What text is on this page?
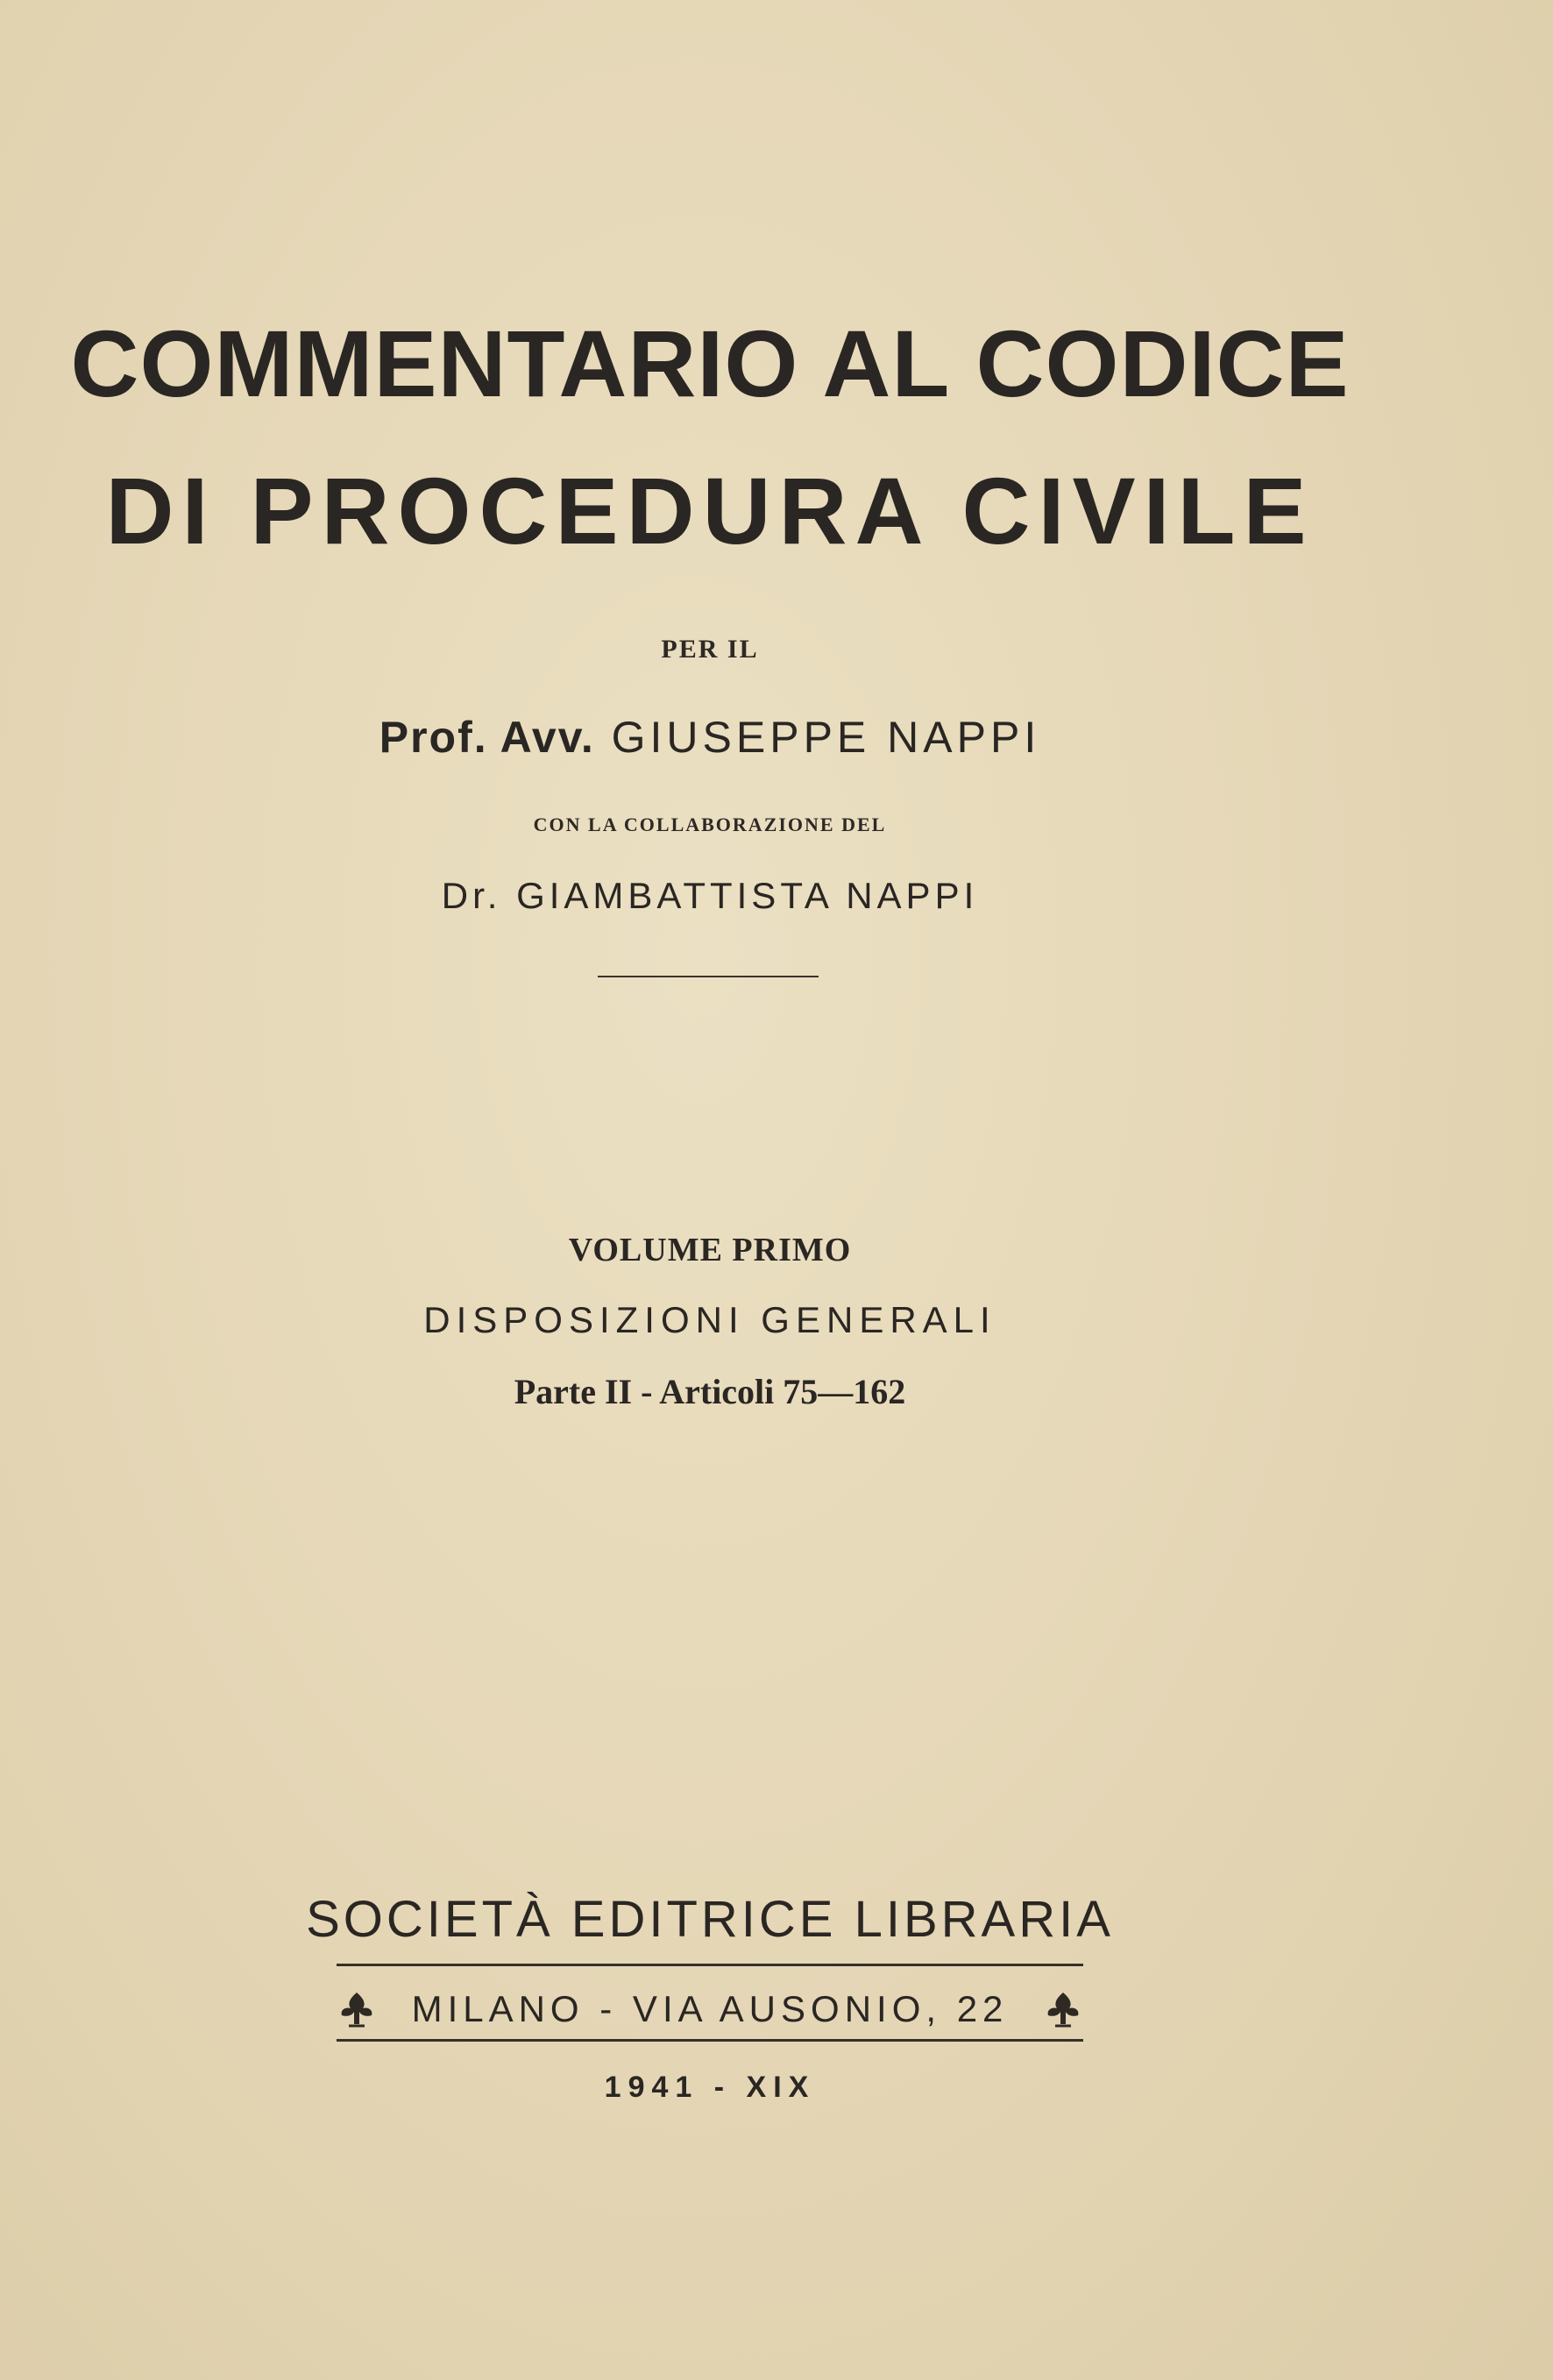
COMMENTARIO AL CODICE
DI PROCEDURA CIVILE
PER IL
Prof. Avv. GIUSEPPE NAPPI
CON LA COLLABORAZIONE DEL
Dr. GIAMBATTISTA NAPPI
VOLUME PRIMO
DISPOSIZIONI GENERALI
Parte II - Articoli 75—162
SOCIETÀ EDITRICE LIBRARIA
MILANO - VIA AUSONIO, 22
1941 - XIX
